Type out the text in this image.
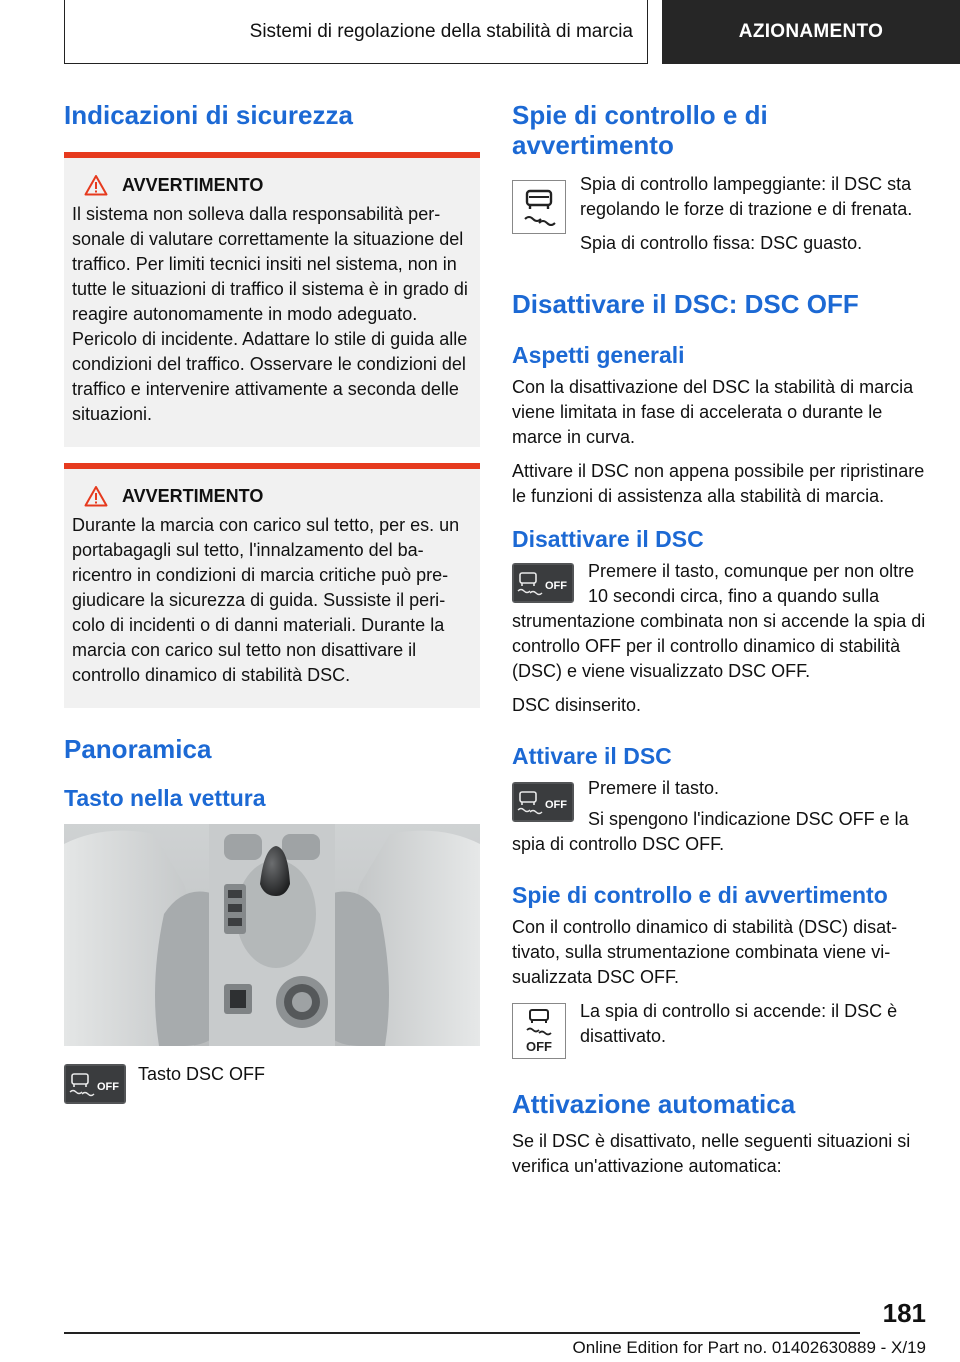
Sistemi di regolazione della stabilità di marcia	AZIONAMENTO
Indicazioni di sicurezza
AVVERTIMENTO

Il sistema non solleva dalla responsabilità personale di valutare correttamente la situazione del traffico. Per limiti tecnici insiti nel sistema, non in tutte le situazioni di traffico il sistema è in grado di reagire autonomamente in modo adeguato. Pericolo di incidente. Adattare lo stile di guida alle condizioni del traffico. Osservare le condizioni del traffico e intervenire attivamente a seconda delle situazioni.

AVVERTIMENTO

Durante la marcia con carico sul tetto, per es. un portabagagli sul tetto, l'innalzamento del baricentro in condizioni di marcia critiche può pregiudicare la sicurezza di guida. Sussiste il pericolo di incidenti o di danni materiali. Durante la marcia con carico sul tetto non disattivare il controllo dinamico di stabilità DSC.

Panoramica
Tasto nella vettura
OFF

Tasto DSC OFF

Spie di controllo e di avvertimento

Spia di controllo lampeggiante: il DSC sta regolando le forze di trazione e di frenata.

Spia di controllo fissa: DSC guasto.

Disattivare il DSC: DSC OFF
Aspetti generali

Con la disattivazione del DSC la stabilità di marcia viene limitata in fase di accelerata o durante le marce in curva.

Attivare il DSC non appena possibile per ripristinare le funzioni di assistenza alla stabilità di marcia.

Disattivare il DSC
OFF

Premere il tasto, comunque per non oltre 10 secondi circa, fino a quando sulla strumentazione combinata non si accende la spia di controllo OFF per il controllo dinamico di stabilità (DSC) e viene visualizzato DSC OFF.

DSC disinserito.

Attivare il DSC
OFF

Premere il tasto.

Si spengono l'indicazione DSC OFF e la spia di controllo DSC OFF.

Spie di controllo e di avvertimento

Con il controllo dinamico di stabilità (DSC) disattivato, sulla strumentazione combinata viene visualizzata DSC OFF.

OFF

La spia di controllo si accende: il DSC è disattivato.

Attivazione automatica

Se il DSC è disattivato, nelle seguenti situazioni si verifica un'attivazione automatica:

181
Online Edition for Part no. 01402630889 - X/19
